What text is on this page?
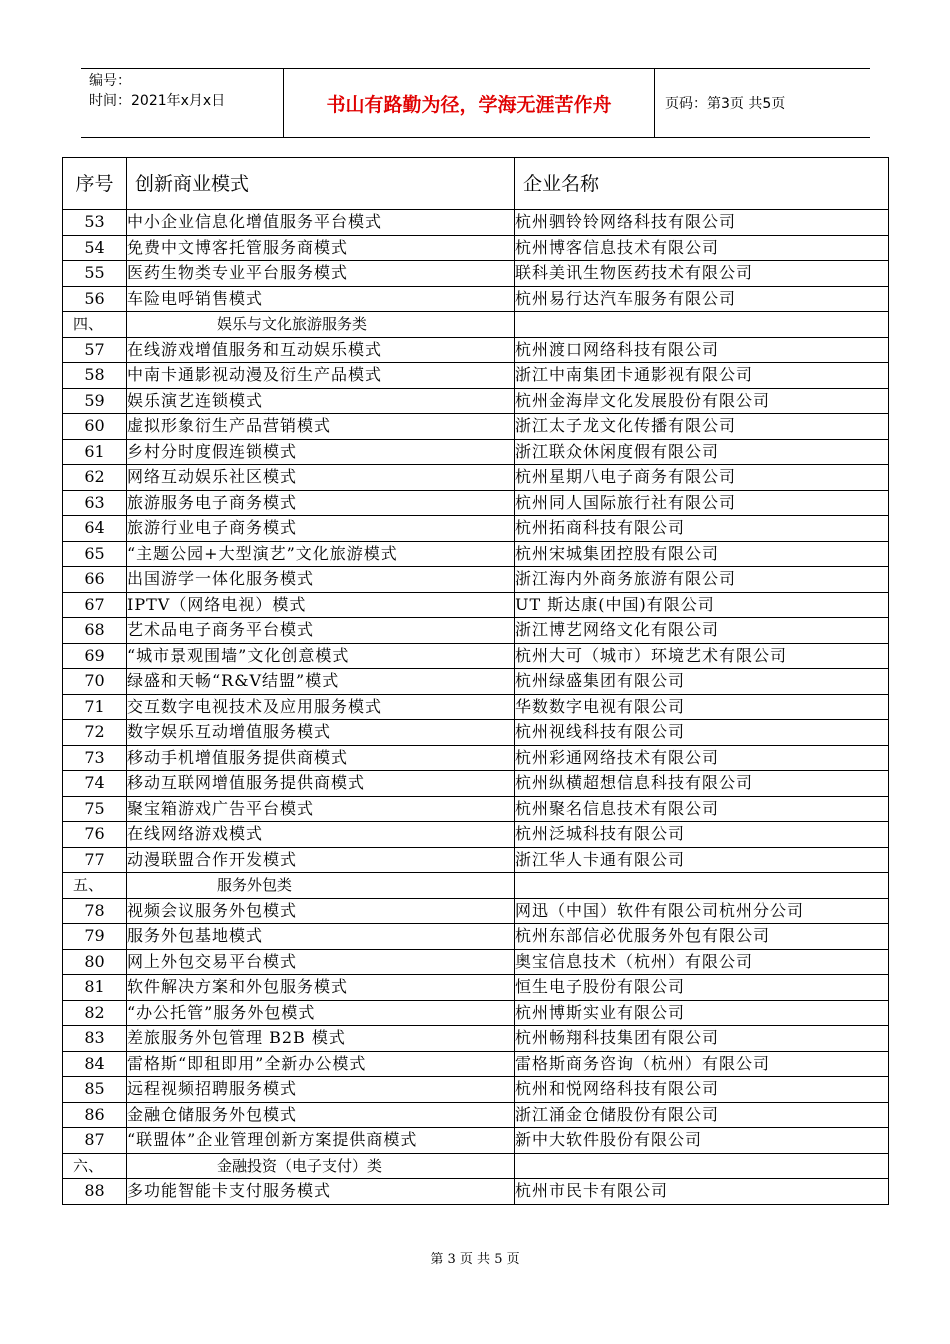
编号：
时间：2021年x月x日	书山有路勤为径，学海无涯苦作舟	页码：第3页 共5页
序号	创新商业模式	企业名称
53	中小企业信息化增值服务平台模式	杭州驷铃铃网络科技有限公司
54	免费中文博客托管服务商模式	杭州博客信息技术有限公司
55	医药生物类专业平台服务模式	联科美讯生物医药技术有限公司
56	车险电呼销售模式	杭州易行达汽车服务有限公司
四、	娱乐与文化旅游服务类	
57	在线游戏增值服务和互动娱乐模式	杭州渡口网络科技有限公司
58	中南卡通影视动漫及衍生产品模式	浙江中南集团卡通影视有限公司
59	娱乐演艺连锁模式	杭州金海岸文化发展股份有限公司
60	虚拟形象衍生产品营销模式	浙江太子龙文化传播有限公司
61	乡村分时度假连锁模式	浙江联众休闲度假有限公司
62	网络互动娱乐社区模式	杭州星期八电子商务有限公司
63	旅游服务电子商务模式	杭州同人国际旅行社有限公司
64	旅游行业电子商务模式	杭州拓商科技有限公司
65	“主题公园+大型演艺”文化旅游模式	杭州宋城集团控股有限公司
66	出国游学一体化服务模式	浙江海内外商务旅游有限公司
67	IPTV（网络电视）模式	UT 斯达康(中国)有限公司
68	艺术品电子商务平台模式	浙江博艺网络文化有限公司
69	“城市景观围墙”文化创意模式	杭州大可（城市）环境艺术有限公司
70	绿盛和天畅“R&V结盟”模式	杭州绿盛集团有限公司
71	交互数字电视技术及应用服务模式	华数数字电视有限公司
72	数字娱乐互动增值服务模式	杭州视线科技有限公司
73	移动手机增值服务提供商模式	杭州彩通网络技术有限公司
74	移动互联网增值服务提供商模式	杭州纵横超想信息科技有限公司
75	聚宝箱游戏广告平台模式	杭州聚名信息技术有限公司
76	在线网络游戏模式	杭州泛城科技有限公司
77	动漫联盟合作开发模式	浙江华人卡通有限公司
五、	服务外包类	
78	视频会议服务外包模式	网迅（中国）软件有限公司杭州分公司
79	服务外包基地模式	杭州东部信必优服务外包有限公司
80	网上外包交易平台模式	奥宝信息技术（杭州）有限公司
81	软件解决方案和外包服务模式	恒生电子股份有限公司
82	“办公托管”服务外包模式	杭州博斯实业有限公司
83	差旅服务外包管理 B2B 模式	杭州畅翔科技集团有限公司
84	雷格斯“即租即用”全新办公模式	雷格斯商务咨询（杭州）有限公司
85	远程视频招聘服务模式	杭州和悦网络科技有限公司
86	金融仓储服务外包模式	浙江涌金仓储股份有限公司
87	“联盟体”企业管理创新方案提供商模式	新中大软件股份有限公司
六、	金融投资（电子支付）类	
88	多功能智能卡支付服务模式	杭州市民卡有限公司
第 3 页 共 5 页
